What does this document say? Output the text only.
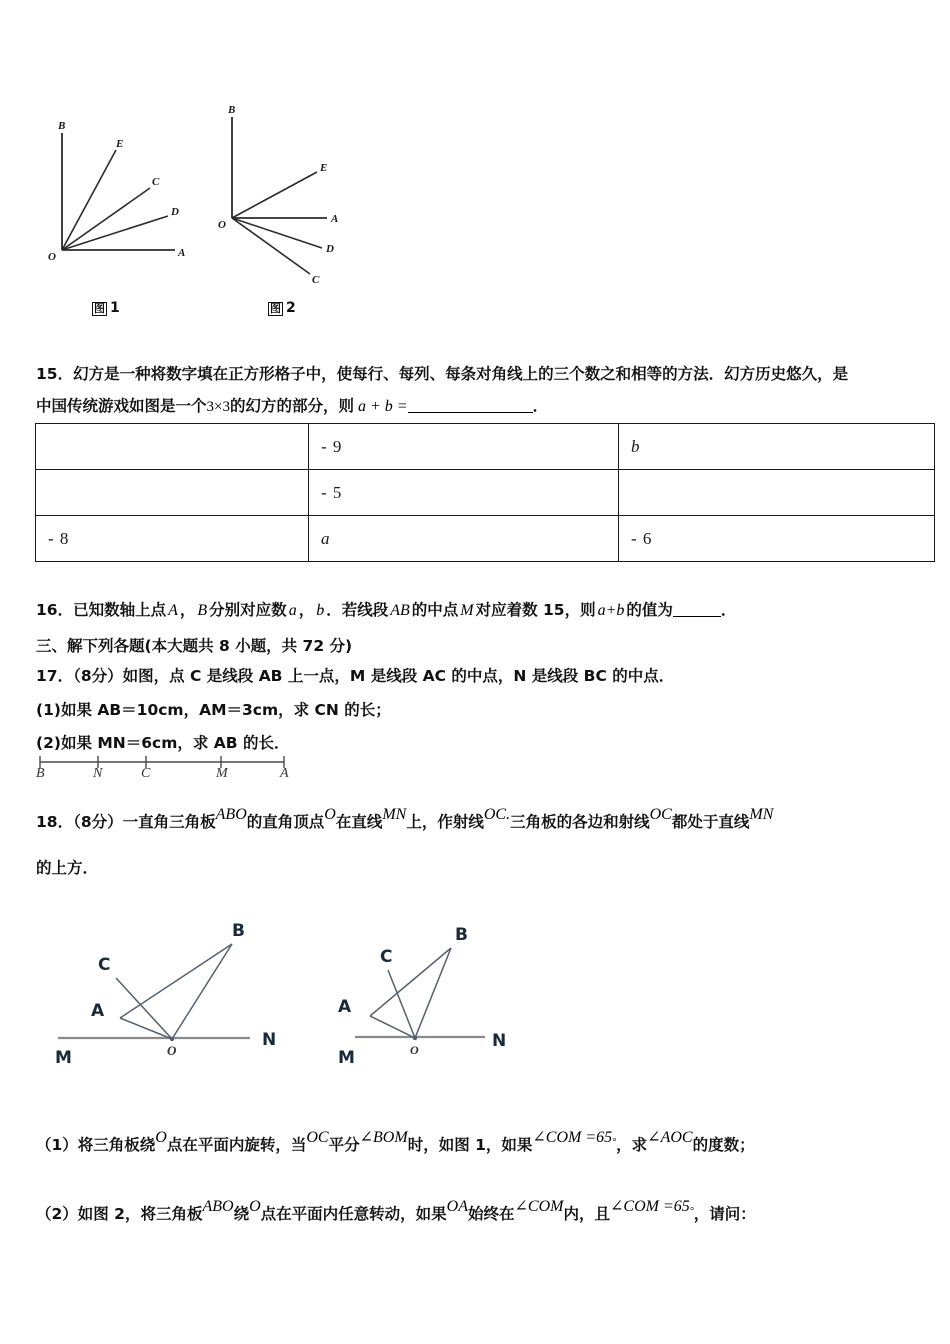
B
E
C
D
A
O
B
E
A
D
C
O
图 1	图 2
15．幻方是一种将数字填在正方形格子中，使每行、每列、每条对角线上的三个数之和相等的方法．幻方历史悠久，是
中国传统游戏如图是一个3×3的幻方的部分，则 a + b =	．
	- 9	b
	- 5	
- 8	a	- 6
16．已知数轴上点 A ， B 分别对应数 a ， b ．若线段 AB 的中点 M 对应着数 15，则 a+b 的值为	．
三、解下列各题(本大题共 8 小题，共 72 分)
17．（8分）如图，点 C 是线段 AB 上一点，M 是线段 AC 的中点，N 是线段 BC 的中点．
(1)如果 AB＝10cm，AM＝3cm，求 CN 的长；
(2)如果 MN＝6cm，求 AB 的长．
B	N	C	M	A
18．（8分）一直角三角板ABO的直角顶点O在直线MN上，作射线OC.三角板的各边和射线OC都处于直线MN
的上方．
B
C
A
O
M
N
B
C
A
O
M
N
（1）将三角板绕O点在平面内旋转，当OC平分∠BOM时，如图 1，如果∠COM =65°，求∠AOC的度数；
（2）如图 2，将三角板ABO绕O点在平面内任意转动，如果OA始终在∠COM内，且∠COM =65°，请问：
